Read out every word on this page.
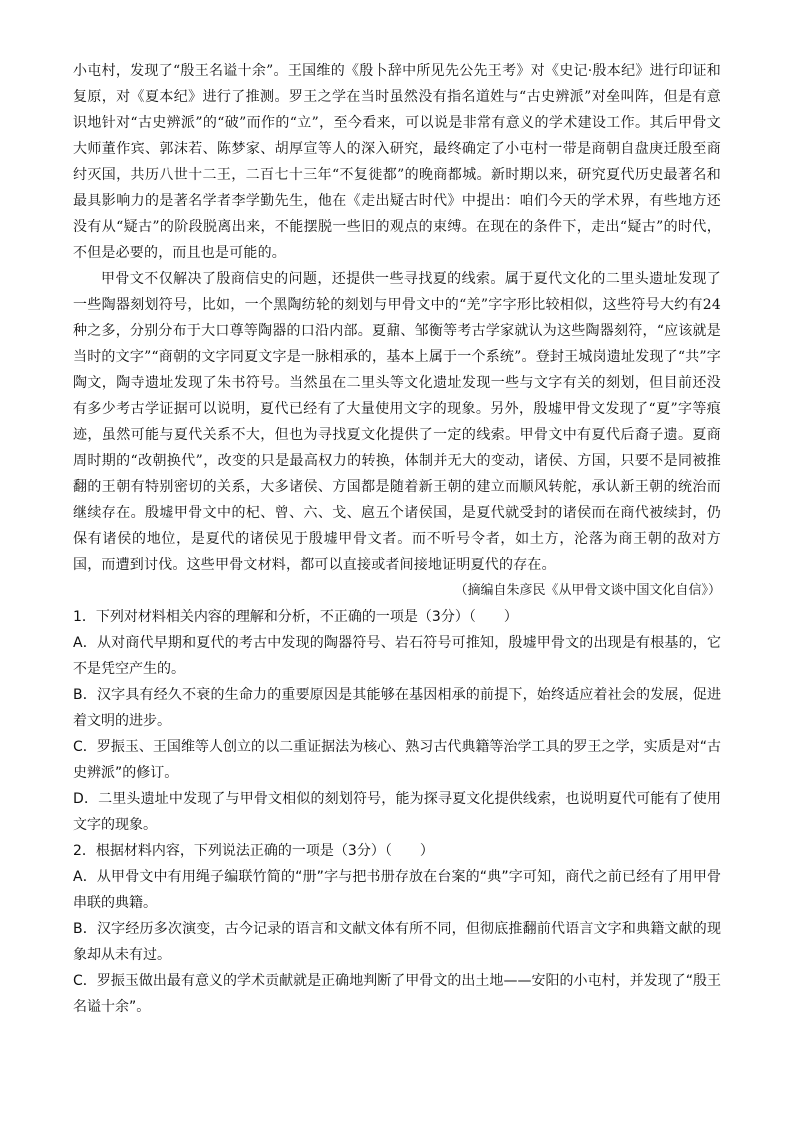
小屯村，发现了“殷王名谥十余”。王国维的《殷卜辞中所见先公先王考》对《史记·殷本纪》进行印证和复原，对《夏本纪》进行了推测。罗王之学在当时虽然没有指名道姓与“古史辨派”对垒叫阵，但是有意识地针对“古史辨派”的“破”而作的“立”，至今看来，可以说是非常有意义的学术建设工作。其后甲骨文大师董作宾、郭沫若、陈梦家、胡厚宣等人的深入研究，最终确定了小屯村一带是商朝自盘庚迁殷至商纣灭国，共历八世十二王，二百七十三年“不复徙都”的晚商都城。新时期以来，研究夏代历史最著名和最具影响力的是著名学者李学勤先生，他在《走出疑古时代》中提出：咱们今天的学术界，有些地方还没有从“疑古”的阶段脱离出来，不能摆脱一些旧的观点的束缚。在现在的条件下，走出“疑古”的时代，不但是必要的，而且也是可能的。

甲骨文不仅解决了殷商信史的问题，还提供一些寻找夏的线索。属于夏代文化的二里头遗址发现了一些陶器刻划符号，比如，一个黑陶纺轮的刻划与甲骨文中的“羌”字字形比较相似，这些符号大约有24种之多，分别分布于大口尊等陶器的口沿内部。夏鼐、邹衡等考古学家就认为这些陶器刻符，“应该就是当时的文字”“商朝的文字同夏文字是一脉相承的，基本上属于一个系统”。登封王城岗遗址发现了“共”字陶文，陶寺遗址发现了朱书符号。当然虽在二里头等文化遗址发现一些与文字有关的刻划，但目前还没有多少考古学证据可以说明，夏代已经有了大量使用文字的现象。另外，殷墟甲骨文发现了“夏”字等痕迹，虽然可能与夏代关系不大，但也为寻找夏文化提供了一定的线索。甲骨文中有夏代后裔子遗。夏商周时期的“改朝换代”，改变的只是最高权力的转换，体制并无大的变动，诸侯、方国，只要不是同被推翻的王朝有特别密切的关系，大多诸侯、方国都是随着新王朝的建立而顺风转舵，承认新王朝的统治而继续存在。殷墟甲骨文中的杞、曾、六、戈、扈五个诸侯国，是夏代就受封的诸侯而在商代被续封，仍保有诸侯的地位，是夏代的诸侯见于殷墟甲骨文者。而不听号令者，如土方，沦落为商王朝的敌对方国，而遭到讨伐。这些甲骨文材料，都可以直接或者间接地证明夏代的存在。

（摘编自朱彦民《从甲骨文谈中国文化自信》）

1．下列对材料相关内容的理解和分析，不正确的一项是（3分）（　　）

A．从对商代早期和夏代的考古中发现的陶器符号、岩石符号可推知，殷墟甲骨文的出现是有根基的，它不是凭空产生的。

B．汉字具有经久不衰的生命力的重要原因是其能够在基因相承的前提下，始终适应着社会的发展，促进着文明的进步。

C．罗振玉、王国维等人创立的以二重证据法为核心、熟习古代典籍等治学工具的罗王之学，实质是对“古史辨派”的修订。

D．二里头遗址中发现了与甲骨文相似的刻划符号，能为探寻夏文化提供线索，也说明夏代可能有了使用文字的现象。

2．根据材料内容，下列说法正确的一项是（3分）（　　）

A．从甲骨文中有用绳子编联竹简的“册”字与把书册存放在台案的“典”字可知，商代之前已经有了用甲骨串联的典籍。

B．汉字经历多次演变，古今记录的语言和文献文体有所不同，但彻底推翻前代语言文字和典籍文献的现象却从未有过。

C．罗振玉做出最有意义的学术贡献就是正确地判断了甲骨文的出土地——安阳的小屯村，并发现了“殷王名谥十余”。
